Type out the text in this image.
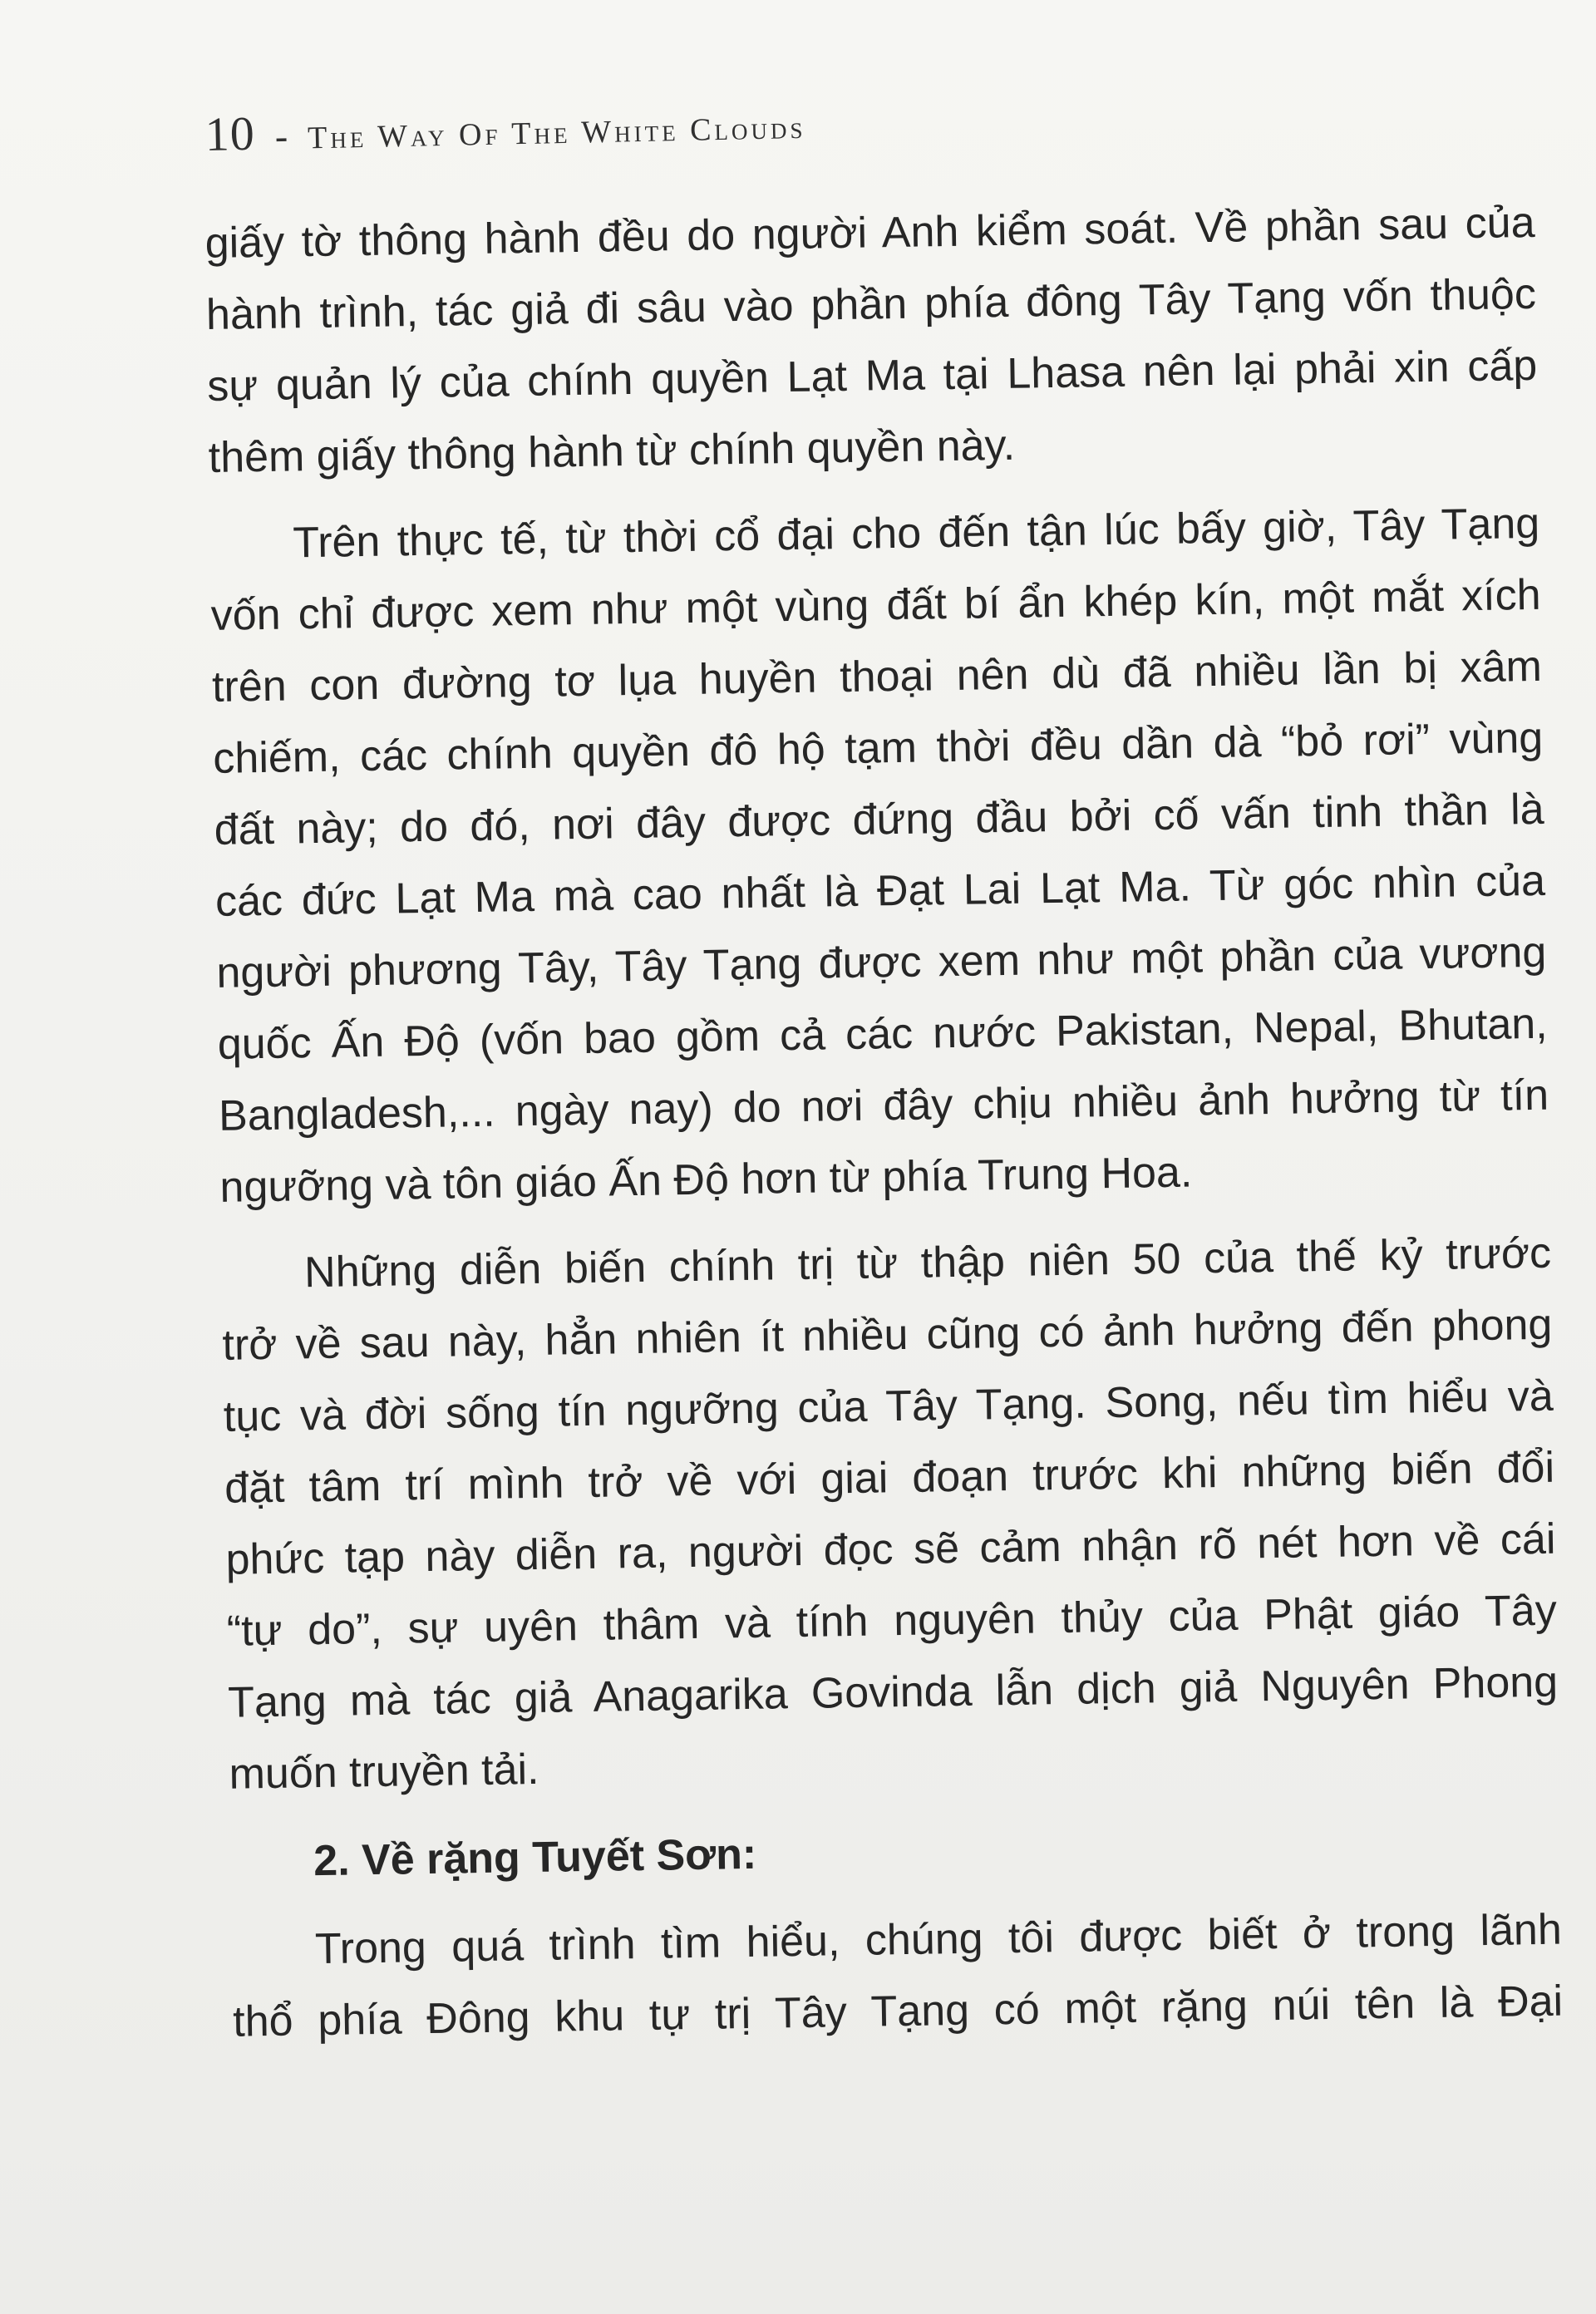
10 - The Way Of The White Clouds
giấy tờ thông hành đều do người Anh kiểm soát. Về phần sau của
hành trình, tác giả đi sâu vào phần phía đông Tây Tạng vốn thuộc
sự quản lý của chính quyền Lạt Ma tại Lhasa nên lại phải xin cấp
thêm giấy thông hành từ chính quyền này.
Trên thực tế, từ thời cổ đại cho đến tận lúc bấy giờ, Tây Tạng
vốn chỉ được xem như một vùng đất bí ẩn khép kín, một mắt xích
trên con đường tơ lụa huyền thoại nên dù đã nhiều lần bị xâm
chiếm, các chính quyền đô hộ tạm thời đều dần dà “bỏ rơi” vùng
đất này; do đó, nơi đây được đứng đầu bởi cố vấn tinh thần là
các đức Lạt Ma mà cao nhất là Đạt Lai Lạt Ma. Từ góc nhìn của
người phương Tây, Tây Tạng được xem như một phần của vương
quốc Ấn Độ (vốn bao gồm cả các nước Pakistan, Nepal, Bhutan,
Bangladesh,... ngày nay) do nơi đây chịu nhiều ảnh hưởng từ tín
ngưỡng và tôn giáo Ấn Độ hơn từ phía Trung Hoa.
Những diễn biến chính trị từ thập niên 50 của thế kỷ trước
trở về sau này, hẳn nhiên ít nhiều cũng có ảnh hưởng đến phong
tục và đời sống tín ngưỡng của Tây Tạng. Song, nếu tìm hiểu và
đặt tâm trí mình trở về với giai đoạn trước khi những biến đổi
phức tạp này diễn ra, người đọc sẽ cảm nhận rõ nét hơn về cái
“tự do”, sự uyên thâm và tính nguyên thủy của Phật giáo Tây
Tạng mà tác giả Anagarika Govinda lẫn dịch giả Nguyên Phong
muốn truyền tải.
2. Về rặng Tuyết Sơn:
Trong quá trình tìm hiểu, chúng tôi được biết ở trong lãnh
thổ phía Đông khu tự trị Tây Tạng có một rặng núi tên là Đại
